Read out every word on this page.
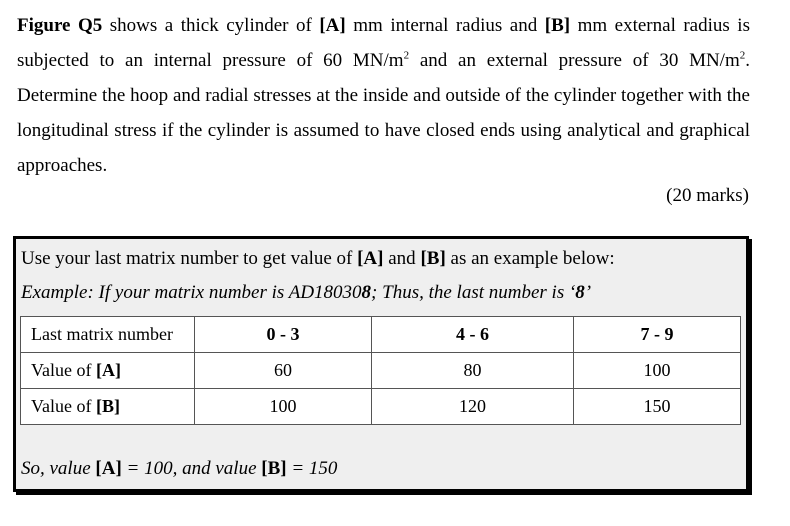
Figure Q5 shows a thick cylinder of [A] mm internal radius and [B] mm external radius is subjected to an internal pressure of 60 $MN/m^2$ and an external pressure of 30 $MN/m^2$. Determine the hoop and radial stresses at the inside and outside of the cylinder together with the longitudinal stress if the cylinder is assumed to have closed ends using analytical and graphical approaches.

(20 marks)
Use your last matrix number to get value of [A] and [B] as an example below:
Example: If your matrix number is AD180308; Thus, the last number is ‘8’
Last matrix number	0 - 3	4 - 6	7 - 9
Value of [A]	60	80	100
Value of [B]	100	120	150
So, value [A] = 100, and value [B] = 150
